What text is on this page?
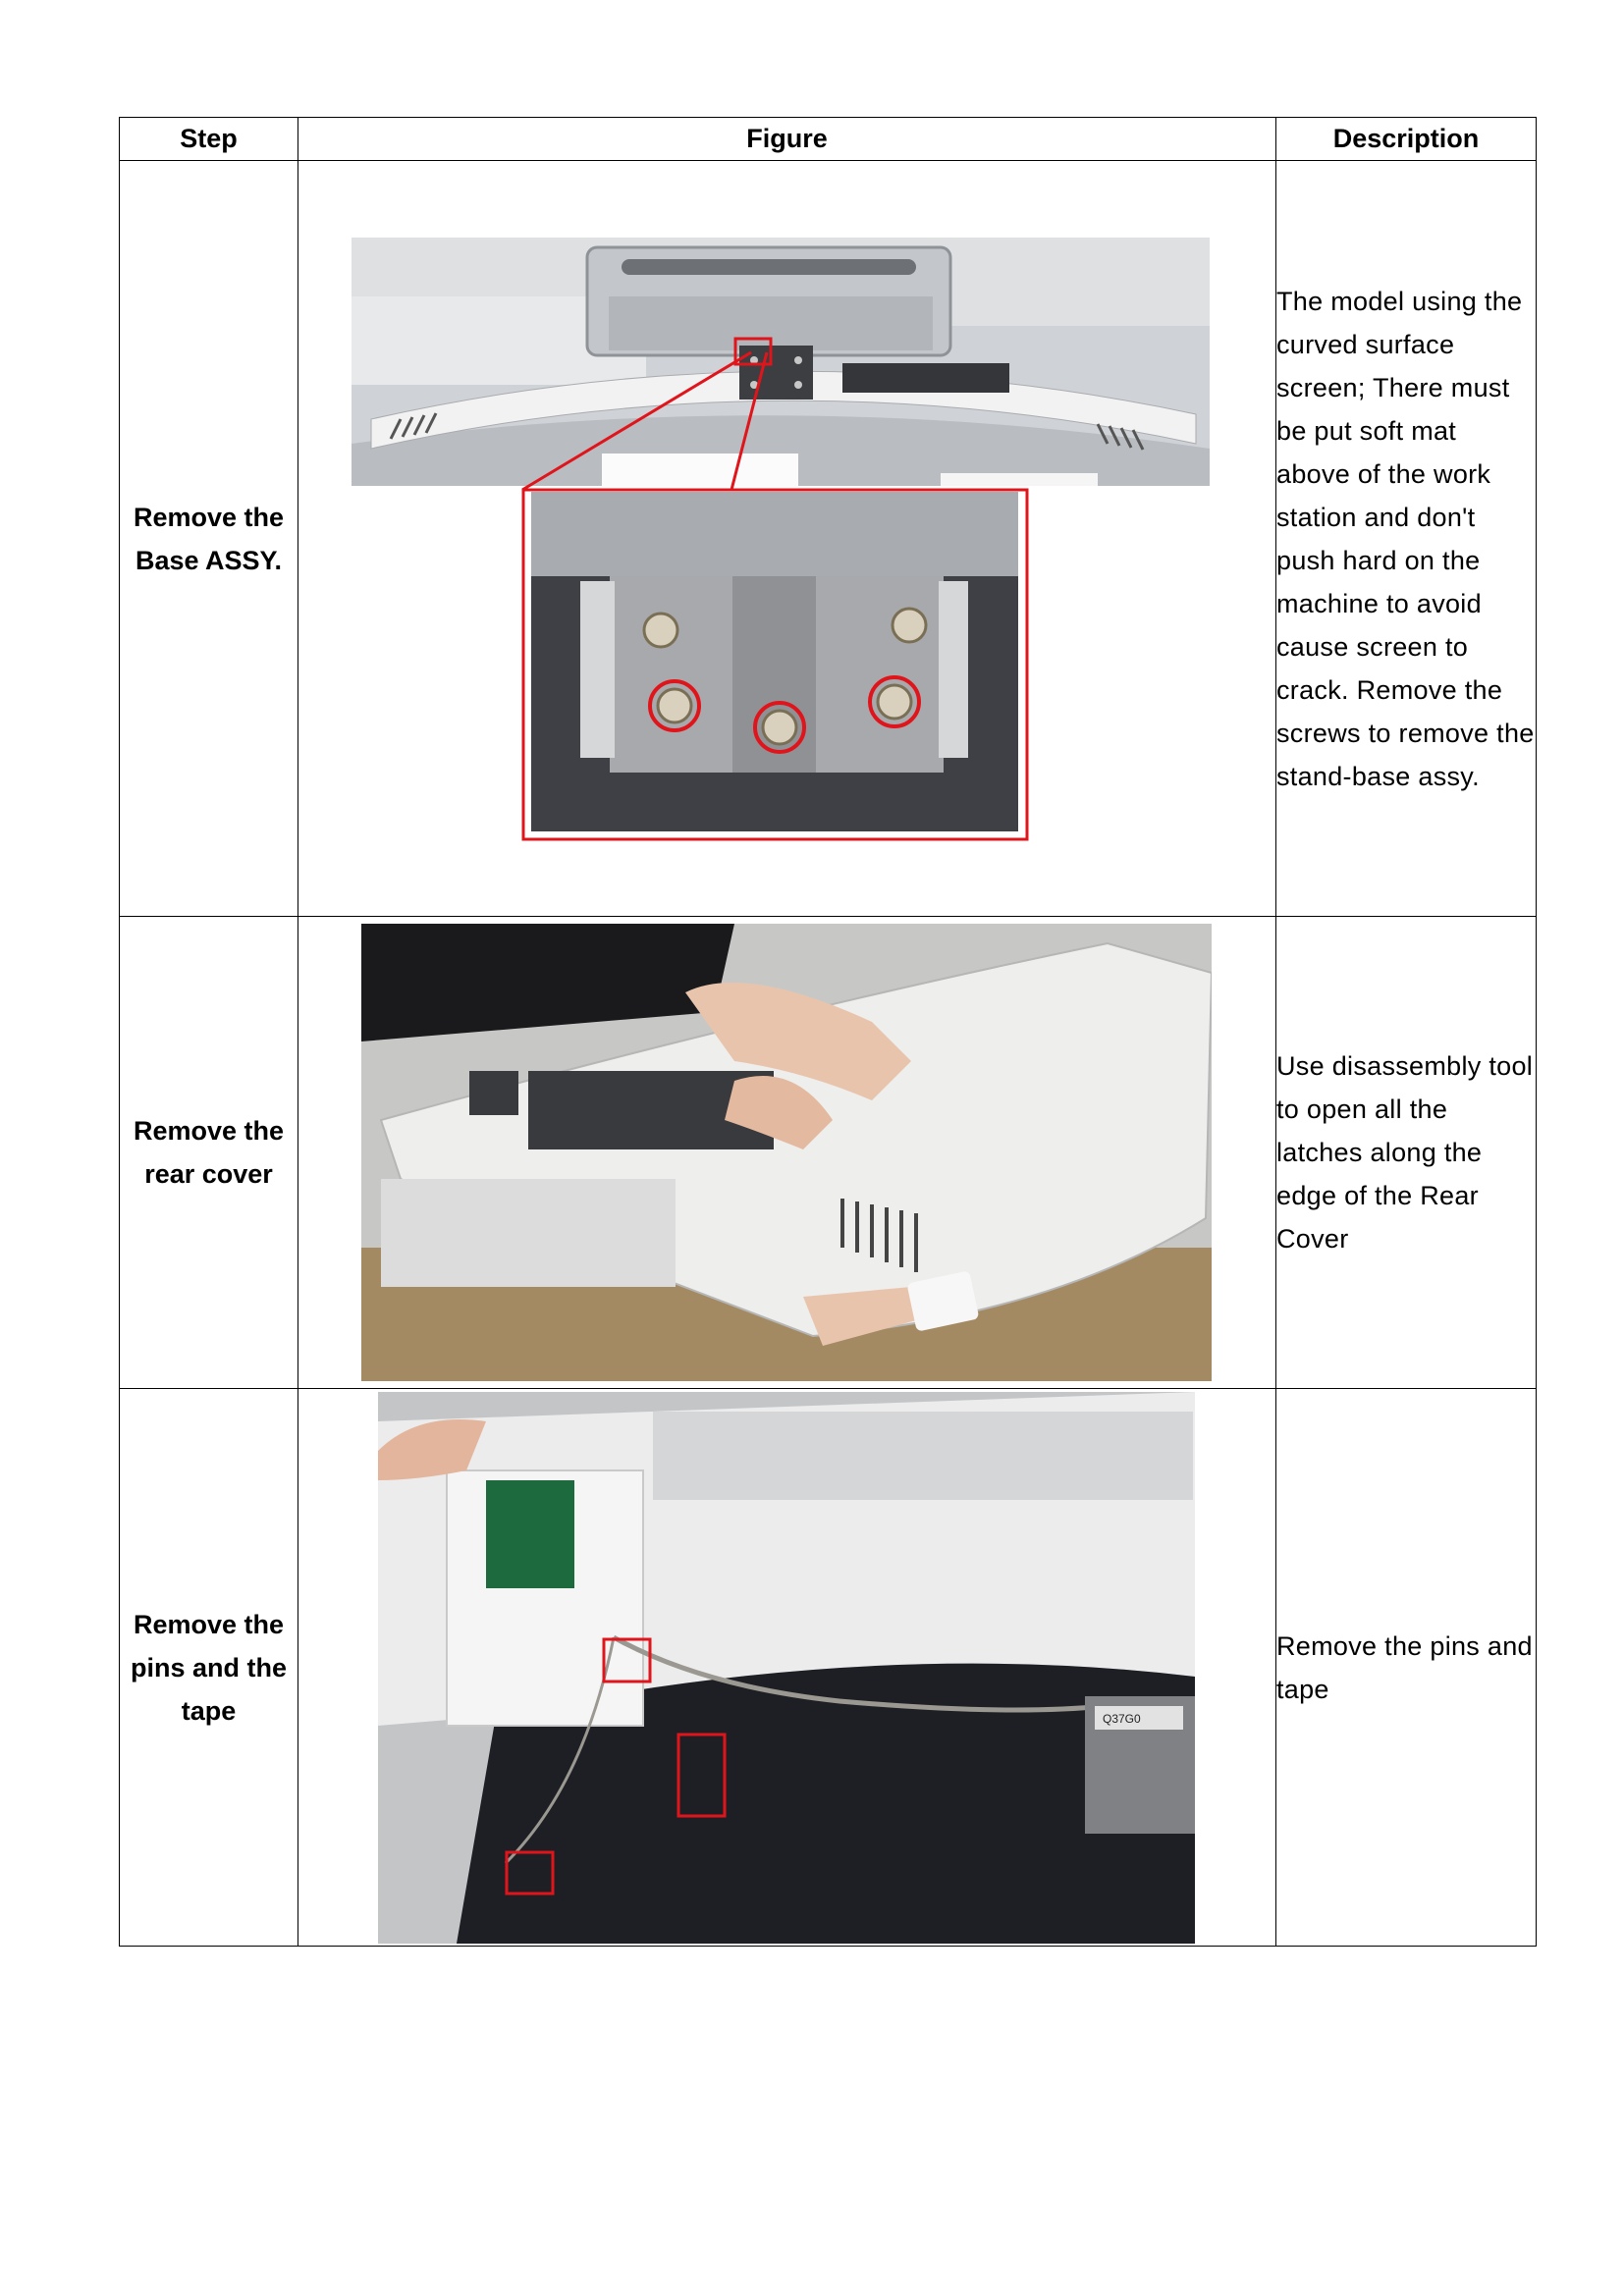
Step	Figure	Description
Remove the Base ASSY.		The model using the curved surface screen; There must be put soft mat above of the work station and don't push hard on the machine to avoid cause screen to crack. Remove the screws to remove the stand-base assy.
Remove the rear cover		Use disassembly tool to open all the latches along the edge of the Rear Cover
Remove the pins and the tape	Q37G0	Remove the pins and tape
